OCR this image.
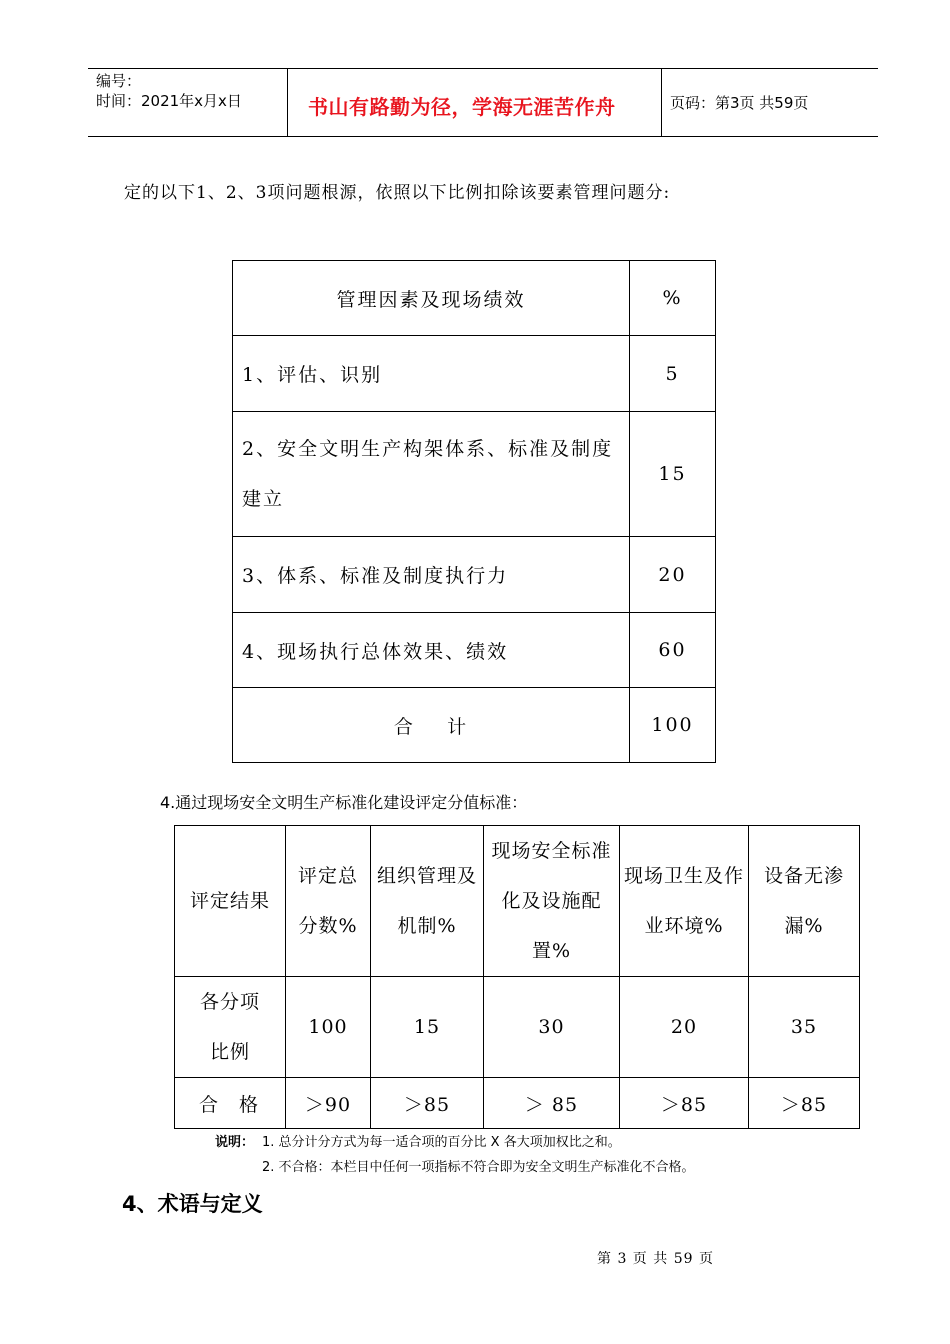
编号：
时间：2021年x月x日	书山有路勤为径，学海无涯苦作舟	页码：第3页 共59页
定的以下1、2、3项问题根源，依照以下比例扣除该要素管理问题分:
管理因素及现场绩效	%
1、评估、识别	5
2、安全文明生产构架体系、标准及制度建立	15
3、体系、标准及制度执行力	20
4、现场执行总体效果、绩效	60
合    计	100
4.通过现场安全文明生产标准化建设评定分值标准：
评定结果	评定总分数%	组织管理及机制%	现场安全标准化及设施配置%	现场卫生及作业环境%	设备无渗漏%
各分项比例	100	15	30	20	35
合  格	＞90	＞85	＞ 85	＞85	＞85
说明： 1. 总分计分方式为每一适合项的百分比 X 各大项加权比之和。
2. 不合格：本栏目中任何一项指标不符合即为安全文明生产标准化不合格。
4、术语与定义
第 3 页 共 59 页
